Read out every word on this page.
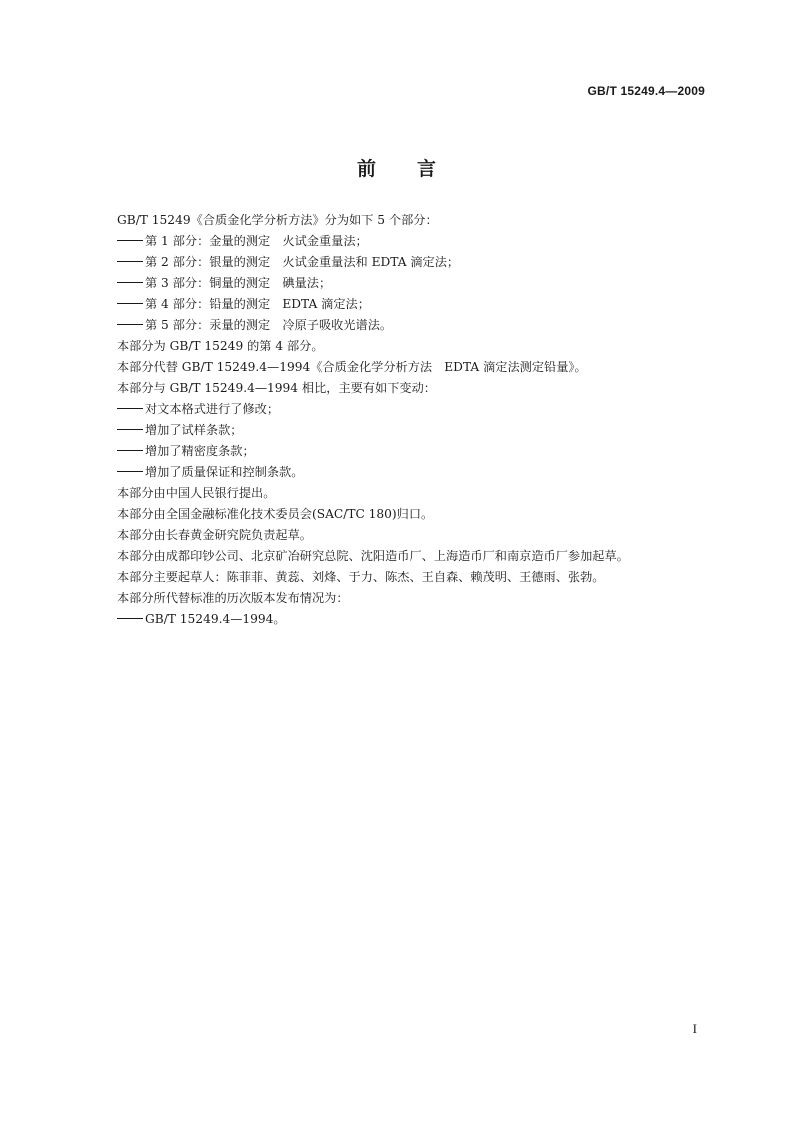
GB/T 15249.4—2009
前 言
GB/T 15249《合质金化学分析方法》分为如下 5 个部分：
第 1 部分：金量的测定　火试金重量法；
第 2 部分：银量的测定　火试金重量法和 EDTA 滴定法；
第 3 部分：铜量的测定　碘量法；
第 4 部分：铅量的测定　EDTA 滴定法；
第 5 部分：汞量的测定　冷原子吸收光谱法。
本部分为 GB/T 15249 的第 4 部分。
本部分代替 GB/T 15249.4—1994《合质金化学分析方法　EDTA 滴定法测定铅量》。
本部分与 GB/T 15249.4—1994 相比，主要有如下变动：
对文本格式进行了修改；
增加了试样条款；
增加了精密度条款；
增加了质量保证和控制条款。
本部分由中国人民银行提出。
本部分由全国金融标准化技术委员会(SAC/TC 180)归口。
本部分由长春黄金研究院负责起草。
本部分由成都印钞公司、北京矿冶研究总院、沈阳造币厂、上海造币厂和南京造币厂参加起草。
本部分主要起草人：陈菲菲、黄蕊、刘烽、于力、陈杰、王自森、赖茂明、王德雨、张勃。
本部分所代替标准的历次版本发布情况为：
GB/T 15249.4—1994。
I
